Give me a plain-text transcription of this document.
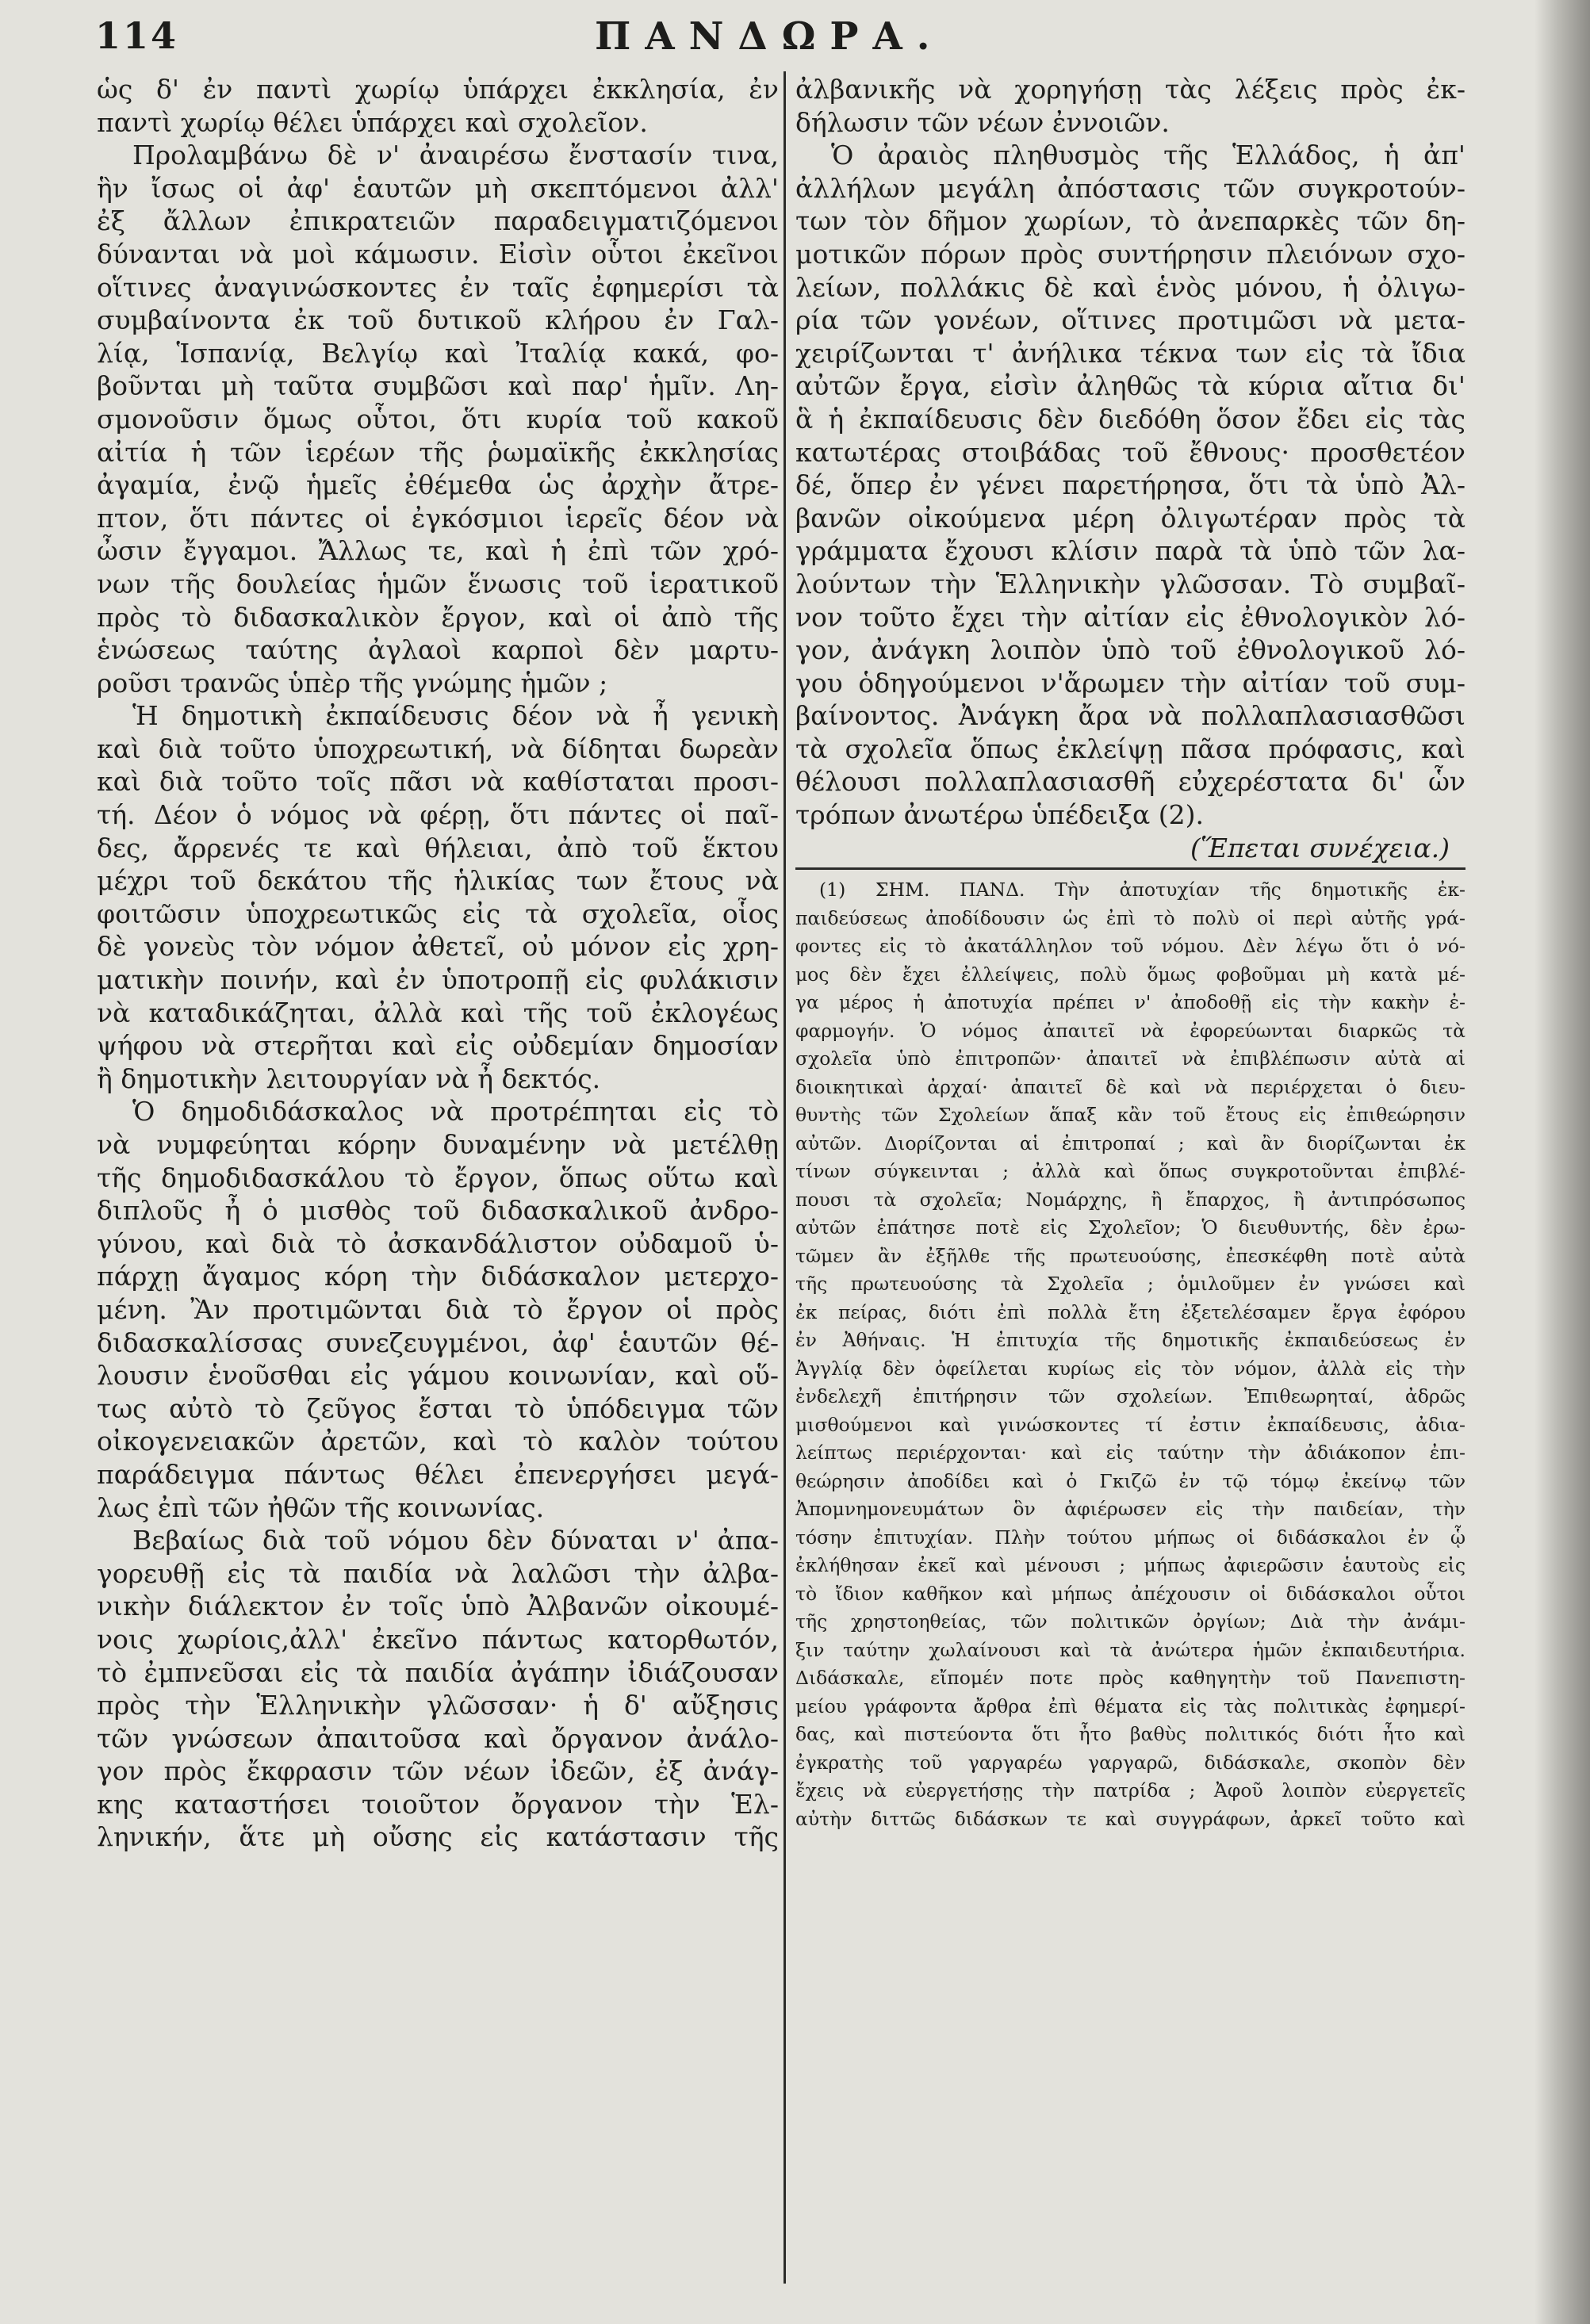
114	ΠΑΝΔΩΡΑ.
ὡς δ' ἐν παντὶ χωρίῳ ὑπάρχει ἐκκλησία, ἐν
παντὶ χωρίῳ θέλει ὑπάρχει καὶ σχολεῖον.
Προλαμβάνω δὲ ν' ἀναιρέσω ἔνστασίν τινα,
ἣν ἴσως οἱ ἀφ' ἑαυτῶν μὴ σκεπτόμενοι ἀλλ'
ἐξ ἄλλων ἐπικρατειῶν παραδειγματιζόμενοι
δύνανται νὰ μοὶ κάμωσιν. Εἰσὶν οὗτοι ἐκεῖνοι
οἵτινες ἀναγινώσκοντες ἐν ταῖς ἐφημερίσι τὰ
συμβαίνοντα ἐκ τοῦ δυτικοῦ κλήρου ἐν Γαλ-
λίᾳ, Ἱσπανίᾳ, Βελγίῳ καὶ Ἰταλίᾳ κακά, φο-
βοῦνται μὴ ταῦτα συμβῶσι καὶ παρ' ἡμῖν. Λη-
σμονοῦσιν ὅμως οὗτοι, ὅτι κυρία τοῦ κακοῦ
αἰτία ἡ τῶν ἱερέων τῆς ῥωμαϊκῆς ἐκκλησίας
ἀγαμία, ἐνῷ ἡμεῖς ἐθέμεθα ὡς ἀρχὴν ἄτρε-
πτον, ὅτι πάντες οἱ ἐγκόσμιοι ἱερεῖς δέον νὰ
ὦσιν ἔγγαμοι. Ἄλλως τε, καὶ ἡ ἐπὶ τῶν χρό-
νων τῆς δουλείας ἡμῶν ἕνωσις τοῦ ἱερατικοῦ
πρὸς τὸ διδασκαλικὸν ἔργον, καὶ οἱ ἀπὸ τῆς
ἑνώσεως ταύτης ἀγλαοὶ καρποὶ δὲν μαρτυ-
ροῦσι τρανῶς ὑπὲρ τῆς γνώμης ἡμῶν ;
Ἡ δημοτικὴ ἐκπαίδευσις δέον νὰ ἦ γενικὴ
καὶ διὰ τοῦτο ὑποχρεωτική, νὰ δίδηται δωρεὰν
καὶ διὰ τοῦτο τοῖς πᾶσι νὰ καθίσταται προσι-
τή. Δέον ὁ νόμος νὰ φέρῃ, ὅτι πάντες οἱ παῖ-
δες, ἄρρενές τε καὶ θήλειαι, ἀπὸ τοῦ ἕκτου
μέχρι τοῦ δεκάτου τῆς ἡλικίας των ἔτους νὰ
φοιτῶσιν ὑποχρεωτικῶς εἰς τὰ σχολεῖα, οἷος
δὲ γονεὺς τὸν νόμον ἀθετεῖ, οὐ μόνον εἰς χρη-
ματικὴν ποινήν, καὶ ἐν ὑποτροπῇ εἰς φυλάκισιν
νὰ καταδικάζηται, ἀλλὰ καὶ τῆς τοῦ ἐκλογέως
ψήφου νὰ στερῆται καὶ εἰς οὐδεμίαν δημοσίαν
ἢ δημοτικὴν λειτουργίαν νὰ ἦ δεκτός.
Ὁ δημοδιδάσκαλος νὰ προτρέπηται εἰς τὸ
νὰ νυμφεύηται κόρην δυναμένην νὰ μετέλθῃ
τῆς δημοδιδασκάλου τὸ ἔργον, ὅπως οὕτω καὶ
διπλοῦς ἦ ὁ μισθὸς τοῦ διδασκαλικοῦ ἀνδρο-
γύνου, καὶ διὰ τὸ ἀσκανδάλιστον οὐδαμοῦ ὑ-
πάρχῃ ἄγαμος κόρη τὴν διδάσκαλον μετερχο-
μένη. Ἂν προτιμῶνται διὰ τὸ ἔργον οἱ πρὸς
διδασκαλίσσας συνεζευγμένοι, ἀφ' ἑαυτῶν θέ-
λουσιν ἑνοῦσθαι εἰς γάμου κοινωνίαν, καὶ οὕ-
τως αὐτὸ τὸ ζεῦγος ἔσται τὸ ὑπόδειγμα τῶν
οἰκογενειακῶν ἀρετῶν, καὶ τὸ καλὸν τούτου
παράδειγμα πάντως θέλει ἐπενεργήσει μεγά-
λως ἐπὶ τῶν ἠθῶν τῆς κοινωνίας.
Βεβαίως διὰ τοῦ νόμου δὲν δύναται ν' ἀπα-
γορευθῇ εἰς τὰ παιδία νὰ λαλῶσι τὴν ἀλβα-
νικὴν διάλεκτον ἐν τοῖς ὑπὸ Ἀλβανῶν οἰκουμέ-
νοις χωρίοις,ἀλλ' ἐκεῖνο πάντως κατορθωτόν,
τὸ ἐμπνεῦσαι εἰς τὰ παιδία ἀγάπην ἰδιάζουσαν
πρὸς τὴν Ἑλληνικὴν γλῶσσαν· ἡ δ' αὔξησις
τῶν γνώσεων ἀπαιτοῦσα καὶ ὄργανον ἀνάλο-
γον πρὸς ἔκφρασιν τῶν νέων ἰδεῶν, ἐξ ἀνάγ-
κης καταστήσει τοιοῦτον ὄργανον τὴν Ἑλ-
ληνικήν, ἅτε μὴ οὔσης εἰς κατάστασιν τῆς
ἀλβανικῆς νὰ χορηγήσῃ τὰς λέξεις πρὸς ἐκ-
δήλωσιν τῶν νέων ἐννοιῶν.
Ὁ ἀραιὸς πληθυσμὸς τῆς Ἑλλάδος, ἡ ἀπ'
ἀλλήλων μεγάλη ἀπόστασις τῶν συγκροτούν-
των τὸν δῆμον χωρίων, τὸ ἀνεπαρκὲς τῶν δη-
μοτικῶν πόρων πρὸς συντήρησιν πλειόνων σχο-
λείων, πολλάκις δὲ καὶ ἑνὸς μόνου, ἡ ὀλιγω-
ρία τῶν γονέων, οἵτινες προτιμῶσι νὰ μετα-
χειρίζωνται τ' ἀνήλικα τέκνα των εἰς τὰ ἴδια
αὐτῶν ἔργα, εἰσὶν ἀληθῶς τὰ κύρια αἴτια δι'
ἃ ἡ ἐκπαίδευσις δὲν διεδόθη ὅσον ἔδει εἰς τὰς
κατωτέρας στοιβάδας τοῦ ἔθνους· προσθετέον
δέ, ὅπερ ἐν γένει παρετήρησα, ὅτι τὰ ὑπὸ Ἀλ-
βανῶν οἰκούμενα μέρη ὀλιγωτέραν πρὸς τὰ
γράμματα ἔχουσι κλίσιν παρὰ τὰ ὑπὸ τῶν λα-
λούντων τὴν Ἑλληνικὴν γλῶσσαν. Τὸ συμβαῖ-
νον τοῦτο ἔχει τὴν αἰτίαν εἰς ἐθνολογικὸν λό-
γον, ἀνάγκη λοιπὸν ὑπὸ τοῦ ἐθνολογικοῦ λό-
γου ὁδηγούμενοι ν'ἄρωμεν τὴν αἰτίαν τοῦ συμ-
βαίνοντος. Ἀνάγκη ἄρα νὰ πολλαπλασιασθῶσι
τὰ σχολεῖα ὅπως ἐκλείψῃ πᾶσα πρόφασις, καὶ
θέλουσι πολλαπλασιασθῆ εὐχερέστατα δι' ὧν
τρόπων ἀνωτέρω ὑπέδειξα (2).
(Ἕπεται συνέχεια.)
(1) ΣΗΜ. ΠΑΝΔ. Τὴν ἀποτυχίαν τῆς δημοτικῆς ἐκ-
παιδεύσεως ἀποδίδουσιν ὡς ἐπὶ τὸ πολὺ οἱ περὶ αὐτῆς γρά-
φοντες εἰς τὸ ἀκατάλληλον τοῦ νόμου. Δὲν λέγω ὅτι ὁ νό-
μος δὲν ἔχει ἐλλείψεις, πολὺ ὅμως φοβοῦμαι μὴ κατὰ μέ-
γα μέρος ἡ ἀποτυχία πρέπει ν' ἀποδοθῇ εἰς τὴν κακὴν ἐ-
φαρμογήν. Ὁ νόμος ἀπαιτεῖ νὰ ἐφορεύωνται διαρκῶς τὰ
σχολεῖα ὑπὸ ἐπιτροπῶν· ἀπαιτεῖ νὰ ἐπιβλέπωσιν αὐτὰ αἱ
διοικητικαὶ ἀρχαί· ἀπαιτεῖ δὲ καὶ νὰ περιέρχεται ὁ διευ-
θυντὴς τῶν Σχολείων ἅπαξ κἂν τοῦ ἔτους εἰς ἐπιθεώρησιν
αὐτῶν. Διορίζονται αἱ ἐπιτροπαί ; καὶ ἂν διορίζωνται ἐκ
τίνων σύγκεινται ; ἀλλὰ καὶ ὅπως συγκροτοῦνται ἐπιβλέ-
πουσι τὰ σχολεῖα; Νομάρχης, ἢ ἔπαρχος, ἢ ἀντιπρόσωπος
αὐτῶν ἐπάτησε ποτὲ εἰς Σχολεῖον; Ὁ διευθυντής, δὲν ἐρω-
τῶμεν ἂν ἐξῆλθε τῆς πρωτευούσης, ἐπεσκέφθη ποτὲ αὐτὰ
τῆς πρωτευούσης τὰ Σχολεῖα ; ὁμιλοῦμεν ἐν γνώσει καὶ
ἐκ πείρας, διότι ἐπὶ πολλὰ ἔτη ἐξετελέσαμεν ἔργα ἐφόρου
ἐν Ἀθήναις. Ἡ ἐπιτυχία τῆς δημοτικῆς ἐκπαιδεύσεως ἐν
Ἀγγλίᾳ δὲν ὀφείλεται κυρίως εἰς τὸν νόμον, ἀλλὰ εἰς τὴν
ἐνδελεχῆ ἐπιτήρησιν τῶν σχολείων. Ἐπιθεωρηταί, ἀδρῶς
μισθούμενοι καὶ γινώσκοντες τί ἐστιν ἐκπαίδευσις, ἀδια-
λείπτως περιέρχονται· καὶ εἰς ταύτην τὴν ἀδιάκοπον ἐπι-
θεώρησιν ἀποδίδει καὶ ὁ Γκιζῶ ἐν τῷ τόμῳ ἐκείνῳ τῶν
Ἀπομνημονευμάτων ὃν ἀφιέρωσεν εἰς τὴν παιδείαν, τὴν
τόσην ἐπιτυχίαν. Πλὴν τούτου μήπως οἱ διδάσκαλοι ἐν ᾧ
ἐκλήθησαν ἐκεῖ καὶ μένουσι ; μήπως ἀφιερῶσιν ἑαυτοὺς εἰς
τὸ ἴδιον καθῆκον καὶ μήπως ἀπέχουσιν οἱ διδάσκαλοι οὗτοι
τῆς χρηστοηθείας, τῶν πολιτικῶν ὀργίων; Διὰ τὴν ἀνάμι-
ξιν ταύτην χωλαίνουσι καὶ τὰ ἀνώτερα ἡμῶν ἐκπαιδευτήρια.
Διδάσκαλε, εἴπομέν ποτε πρὸς καθηγητὴν τοῦ Πανεπιστη-
μείου γράφοντα ἄρθρα ἐπὶ θέματα εἰς τὰς πολιτικὰς ἐφημερί-
δας, καὶ πιστεύοντα ὅτι ἦτο βαθὺς πολιτικός διότι ἦτο καὶ
ἐγκρατὴς τοῦ γαργαρέω γαργαρῶ, διδάσκαλε, σκοπὸν δὲν
ἔχεις νὰ εὐεργετήσῃς τὴν πατρίδα ; Ἀφοῦ λοιπὸν εὐεργετεῖς
αὐτὴν διττῶς διδάσκων τε καὶ συγγράφων, ἀρκεῖ τοῦτο καὶ
